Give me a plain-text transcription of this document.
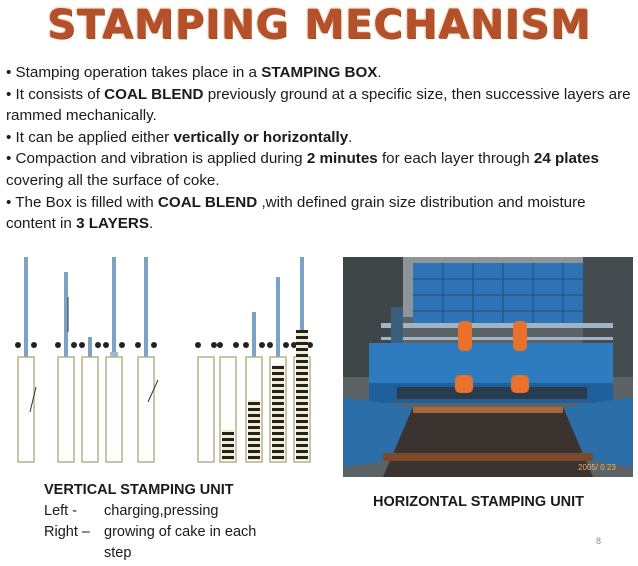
STAMPING MECHANISM

• Stamping operation takes place in a STAMPING BOX.

• It consists of COAL BLEND previously ground at a specific size, then successive layers are rammed mechanically.

• It can be applied either vertically or horizontally.

• Compaction and vibration is applied during 2 minutes for each layer through 24 plates covering all the surface of coke.

• The Box is filled with COAL BLEND ,with defined grain size distribution and moisture content in 3 LAYERS.

2005/ 0 23
VERTICAL STAMPING UNIT
Left - charging,pressing
Right – growing of cake in each
step
HORIZONTAL STAMPING UNIT
8
